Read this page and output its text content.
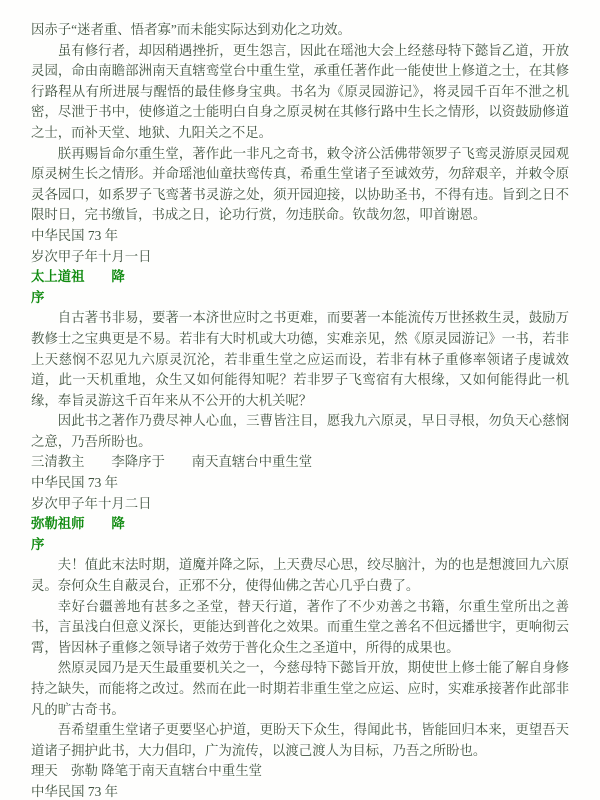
因赤子“迷者重、悟者寡”而未能实际达到劝化之功效。

虽有修行者，却因稍遇挫折，更生怨言，因此在瑶池大会上经慈母特下懿旨乙道，开放灵园，命由南瞻部洲南天直辖鸾堂台中重生堂，承重任著作此一能使世上修道之士，在其修行路程从有所进展与醒悟的最佳修身宝典。书名为《原灵园游记》，将灵园千百年不泄之机密，尽泄于书中，使修道之士能明白自身之原灵树在其修行路中生长之情形，以资鼓励修道之士，而补天堂、地狱、九阳关之不足。

朕再赐旨命尔重生堂，著作此一非凡之奇书，敕令济公活佛带领罗子飞鸾灵游原灵园观原灵树生长之情形。并命瑶池仙童扶鸾传真，希重生堂诸子至诚效劳，勿辞艰辛，并敕令原灵各园口，如系罗子飞鸾著书灵游之处，须开园迎接，以协助圣书，不得有违。旨到之日不限时日，完书缴旨，书成之日，论功行赏，勿违朕命。钦哉勿忽，叩首谢恩。

中华民国 73 年

岁次甲子年十月一日

太上道祖　　降

序

自古著书非易，要著一本济世应时之书更难，而要著一本能流传万世拯救生灵，鼓励万教修士之宝典更是不易。若非有大时机或大功德，实难亲见，然《原灵园游记》一书，若非上天慈悯不忍见九六原灵沉沦，若非重生堂之应运而设，若非有林子重修率领诸子虔诚效道，此一天机重地，众生又如何能得知呢？若非罗子飞鸾宿有大根缘，又如何能得此一机缘，奉旨灵游这千百年来从不公开的大机关呢？

因此书之著作乃费尽神人心血，三曹皆注目，愿我九六原灵，早日寻根，勿负天心慈悯之意，乃吾所盼也。

三清教主　　李降序于　　南天直辖台中重生堂

中华民国 73 年

岁次甲子年十月二日

弥勒祖师　　降

序

夫！值此末法时期，道魔并降之际，上天费尽心思，绞尽脑汁，为的也是想渡回九六原灵。奈何众生自蔽灵台，正邪不分，使得仙佛之苦心几乎白费了。

幸好台疆善地有甚多之圣堂，替天行道，著作了不少劝善之书籍，尔重生堂所出之善书，言虽浅白但意义深长，更能达到普化之效果。而重生堂之善名不但远播世宇，更响彻云霄，皆因林子重修之领导诸子效劳于普化众生之圣道中，所得的成果也。

然原灵园乃是天生最重要机关之一，今慈母特下懿旨开放，期使世上修士能了解自身修持之缺失，而能将之改过。然而在此一时期若非重生堂之应运、应时，实难承接著作此部非凡的旷古奇书。

吾希望重生堂诸子更要坚心护道，更盼天下众生，得闻此书，皆能回归本来，更望吾天道诸子拥护此书，大力倡印，广为流传，以渡己渡人为目标，乃吾之所盼也。

理天　弥勒 降笔于南天直辖台中重生堂

中华民国 73 年
